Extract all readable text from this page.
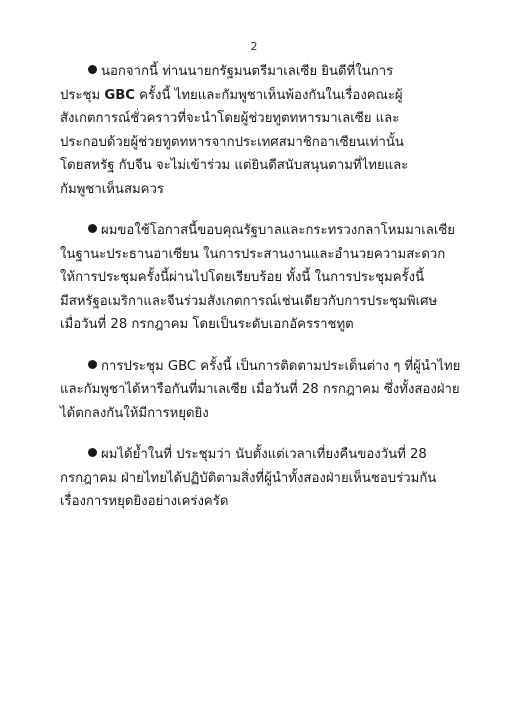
2

นอกจากนี้ ท่านนายกรัฐมนตรีมาเลเซีย ยินดีที่ในการ
ประชุม GBC ครั้งนี้ ไทยและกัมพูชาเห็นพ้องกันในเรื่องคณะผู้
สังเกตการณ์ชั่วคราวที่จะนำโดยผู้ช่วยทูตทหารมาเลเซีย และ
ประกอบด้วยผู้ช่วยทูตทหารจากประเทศสมาชิกอาเซียนเท่านั้น
โดยสหรัฐ กับจีน จะไม่เข้าร่วม แต่ยินดีสนับสนุนตามที่ไทยและ
กัมพูชาเห็นสมควร

ผมขอใช้โอกาสนี้ขอบคุณรัฐบาลและกระทรวงกลาโหมมาเลเซีย
ในฐานะประธานอาเซียน ในการประสานงานและอำนวยความสะดวก
ให้การประชุมครั้งนี้ผ่านไปโดยเรียบร้อย ทั้งนี้ ในการประชุมครั้งนี้
มีสหรัฐอเมริกาและจีนร่วมสังเกตการณ์เช่นเดียวกับการประชุมพิเศษ
เมื่อวันที่ 28 กรกฎาคม โดยเป็นระดับเอกอัครราชทูต

การประชุม GBC ครั้งนี้ เป็นการติดตามประเด็นต่าง ๆ ที่ผู้นำไทย
และกัมพูชาได้หารือกันที่มาเลเซีย เมื่อวันที่ 28 กรกฎาคม ซึ่งทั้งสองฝ่าย
ได้ตกลงกันให้มีการหยุดยิง

ผมได้ย้ำในที่ ประชุมว่า นับตั้งแต่เวลาเที่ยงคืนของวันที่ 28
กรกฎาคม ฝ่ายไทยได้ปฏิบัติตามสิ่งที่ผู้นำทั้งสองฝ่ายเห็นชอบร่วมกัน
เรื่องการหยุดยิงอย่างเคร่งครัด
